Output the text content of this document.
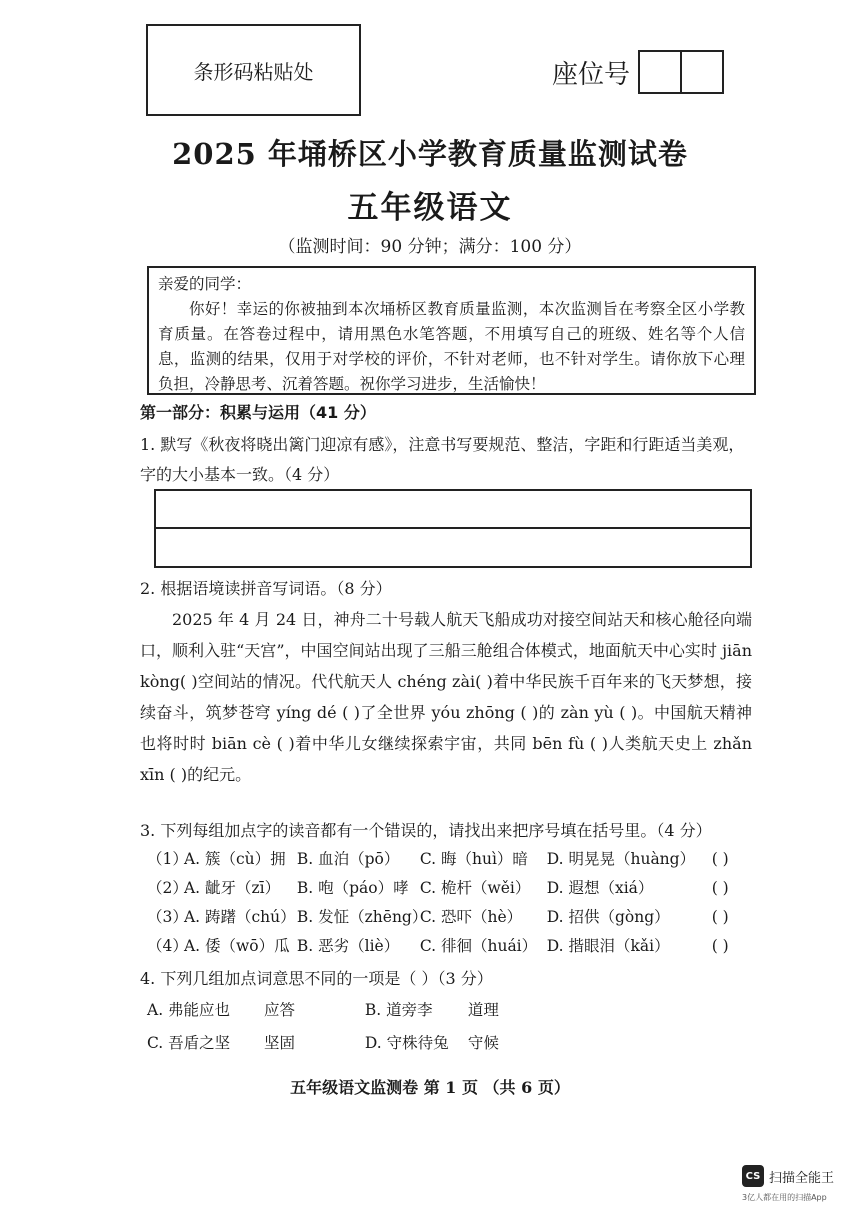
条形码粘贴处	座位号
2025 年埇桥区小学教育质量监测试卷
五年级语文
（监测时间：90 分钟；满分：100 分）
亲爱的同学：
你好！幸运的你被抽到本次埇桥区教育质量监测，本次监测旨在考察全区小学教育质量。在答卷过程中，请用黑色水笔答题，不用填写自己的班级、姓名等个人信息，监测的结果，仅用于对学校的评价，不针对老师，也不针对学生。请你放下心理负担，冷静思考、沉着答题。祝你学习进步，生活愉快！
第一部分：积累与运用（41 分）
1. 默写《秋夜将晓出篱门迎凉有感》，注意书写要规范、整洁，字距和行距适当美观，字的大小基本一致。（4 分）
2. 根据语境读拼音写词语。（8 分）

2025 年 4 月 24 日，神舟二十号载人航天飞船成功对接空间站天和核心舱径向端口，顺利入驻“天宫”，中国空间站出现了三船三舱组合体模式，地面航天中心实时 jiān kòng( )空间站的情况。代代航天人 chéng zài( )着中华民族千百年来的飞天梦想，接续奋斗，筑梦苍穹 yíng dé ( )了全世界 yóu zhōng ( )的 zàn yù ( )。中国航天精神也将时时 biān cè ( )着中华儿女继续探索宇宙，共同 bēn fù ( )人类航天史上 zhǎn xīn ( )的纪元。

3. 下列每组加点字的读音都有一个错误的，请找出来把序号填在括号里。（4 分）
（1） A. 簇（cù）拥 B. 血泊（pō） C. 晦（huì）暗 D. 明晃晃（huàng） ( )
（2） A. 龇牙（zī） B. 咆（páo）哮 C. 桅杆（wěi） D. 遐想（xiá）	( )
（3） A. 踌躇（chú） B. 发怔（zhēng） C. 恐吓（hè） D. 招供（gòng）	( )
（4） A. 倭（wō）瓜 B. 恶劣（liè） C. 徘徊（huái） D. 揩眼泪（kǎi）	( )
4. 下列几组加点词意思不同的一项是（ ）（3 分）
A. 弗能应也 应答	B. 道旁李 道理
C. 吾盾之坚 坚固	D. 守株待兔 守候
五年级语文监测卷 第 1 页 （共 6 页）
CS 扫描全能王
3亿人都在用的扫描App
